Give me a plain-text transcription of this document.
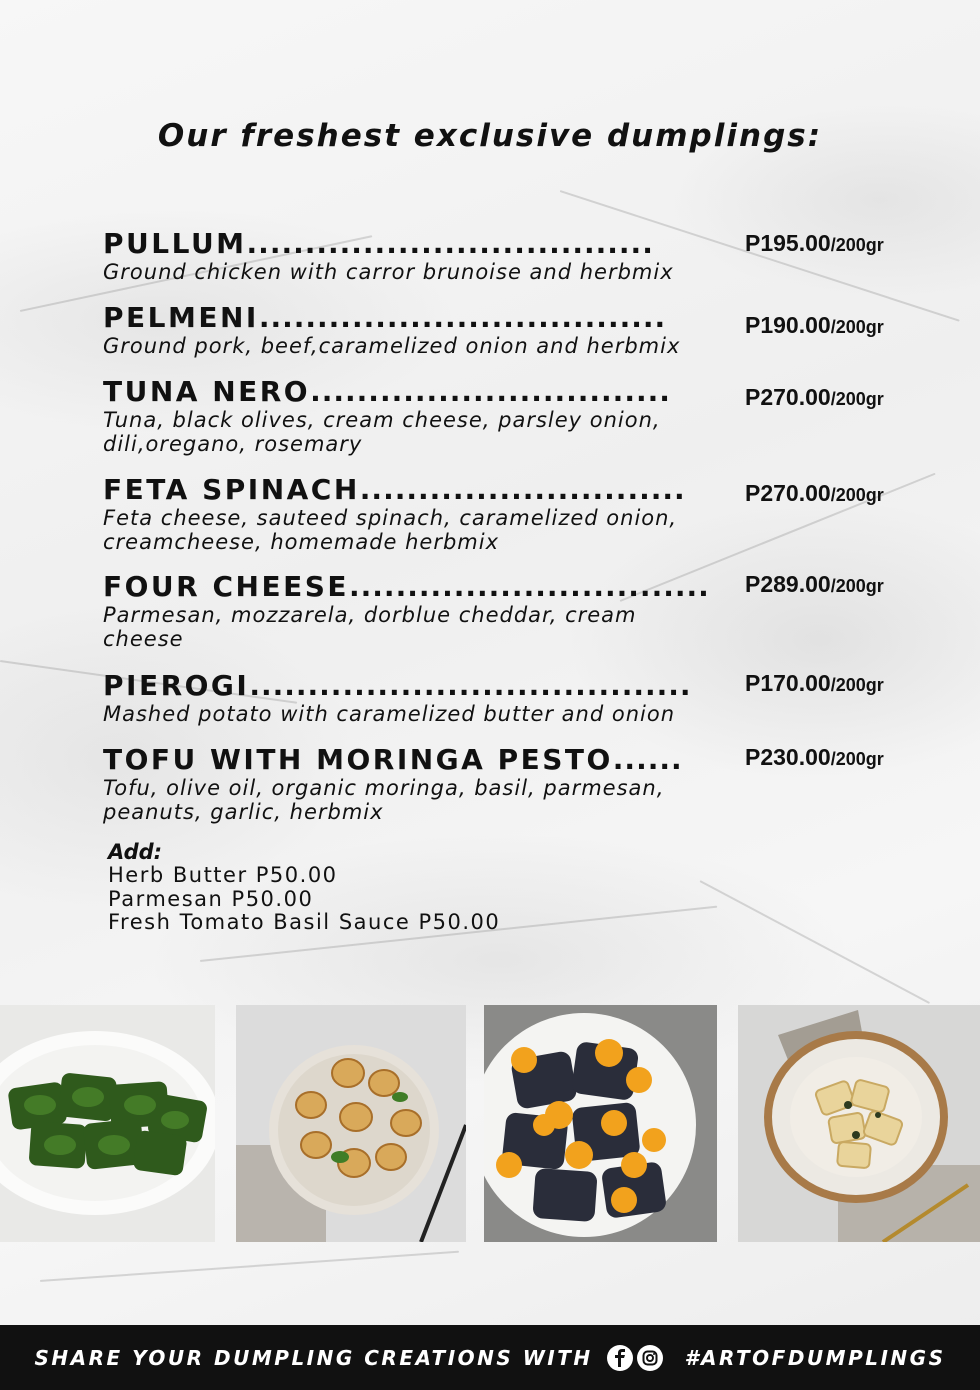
Our freshest exclusive dumplings:
PULLUM...................................
Ground chicken with carror brunoise and herbmix
P195.00/200gr
PELMENI...................................
Ground pork, beef,caramelized onion and herbmix
P190.00/200gr
TUNA NERO...............................
Tuna, black olives, cream cheese, parsley onion,
dili,oregano, rosemary
P270.00/200gr
FETA SPINACH............................
Feta cheese, sauteed spinach, caramelized onion,
creamcheese, homemade herbmix
P270.00/200gr
FOUR CHEESE...............................
Parmesan, mozzarela, dorblue cheddar, cream
cheese
P289.00/200gr
PIEROGI......................................
Mashed potato with caramelized butter and onion
P170.00/200gr
TOFU WITH MORINGA PESTO......
Tofu, olive oil, organic moringa, basil, parmesan,
peanuts, garlic, herbmix
P230.00/200gr
Add:
Herb Butter P50.00
Parmesan P50.00
Fresh Tomato Basil Sauce P50.00
SHARE YOUR DUMPLING CREATIONS WITH	#ARTOFDUMPLINGS
